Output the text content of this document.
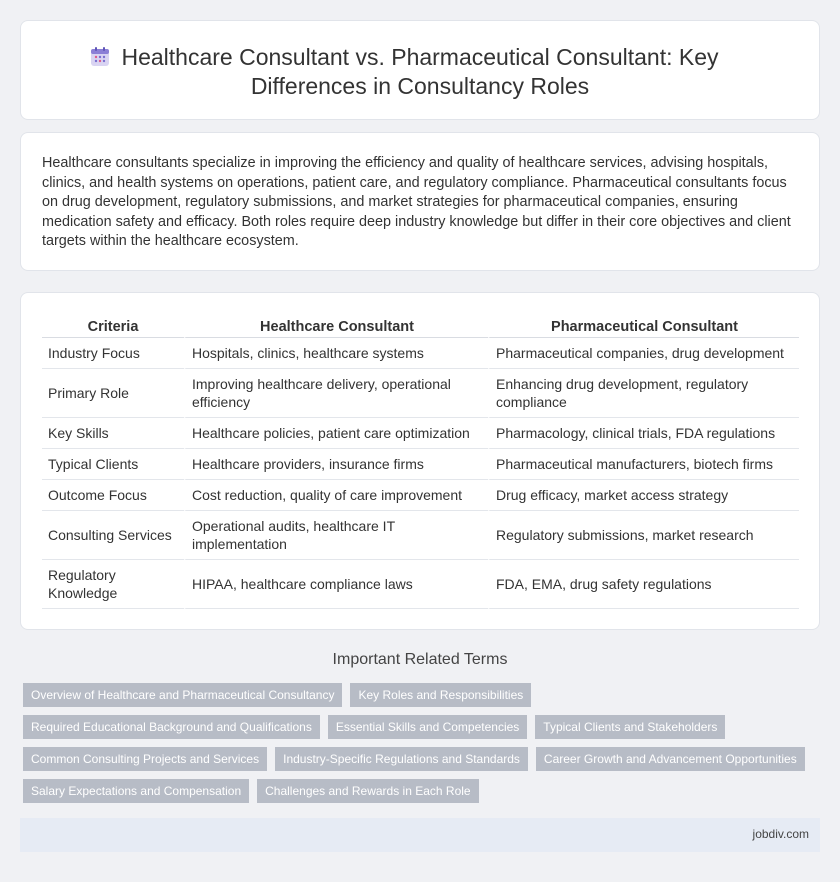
Healthcare Consultant vs. Pharmaceutical Consultant: Key
Differences in Consultancy Roles

Healthcare consultants specialize in improving the efficiency and quality of healthcare services, advising hospitals, clinics, and health systems on operations, patient care, and regulatory compliance. Pharmaceutical consultants focus on drug development, regulatory submissions, and market strategies for pharmaceutical companies, ensuring medication safety and efficacy. Both roles require deep industry knowledge but differ in their core objectives and client targets within the healthcare ecosystem.

Criteria	Healthcare Consultant	Pharmaceutical Consultant
Industry Focus	Hospitals, clinics, healthcare systems	Pharmaceutical companies, drug development
Primary Role	Improving healthcare delivery, operational efficiency	Enhancing drug development, regulatory compliance
Key Skills	Healthcare policies, patient care optimization	Pharmacology, clinical trials, FDA regulations
Typical Clients	Healthcare providers, insurance firms	Pharmaceutical manufacturers, biotech firms
Outcome Focus	Cost reduction, quality of care improvement	Drug efficacy, market access strategy
Consulting Services	Operational audits, healthcare IT implementation	Regulatory submissions, market research
Regulatory Knowledge	HIPAA, healthcare compliance laws	FDA, EMA, drug safety regulations
Important Related Terms
Overview of Healthcare and Pharmaceutical Consultancy	Key Roles and Responsibilities
Required Educational Background and Qualifications	Essential Skills and Competencies	Typical Clients and Stakeholders
Common Consulting Projects and Services	Industry-Specific Regulations and Standards	Career Growth and Advancement Opportunities
Salary Expectations and Compensation	Challenges and Rewards in Each Role
jobdiv.com
